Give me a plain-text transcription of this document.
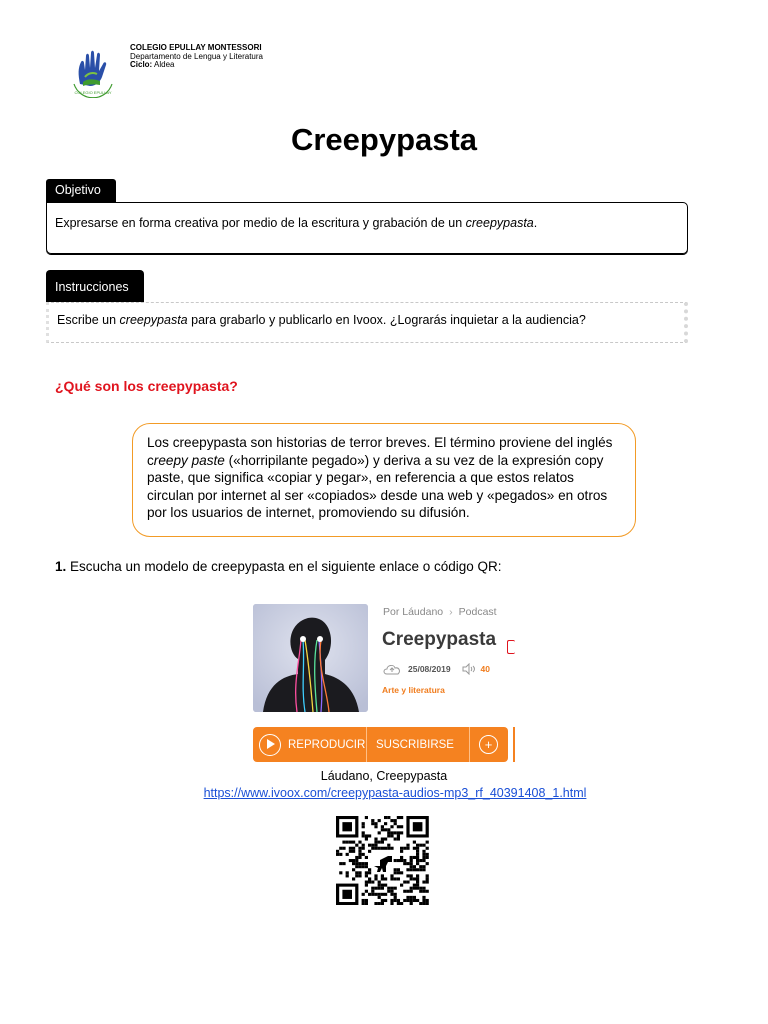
COLEGIO EPULLAY
COLEGIO EPULLAY MONTESSORI
Departamento de Lengua y Literatura
Ciclo: Aldea
Creepypasta
Objetivo
Expresarse en forma creativa por medio de la escritura y grabación de un creepypasta.
Instrucciones
Escribe un creepypasta para grabarlo y publicarlo en Ivoox. ¿Lograrás inquietar a la audiencia?
¿Qué son los creepypasta?
Los creepypasta son historias de terror breves. El término proviene del inglés creepy paste («horripilante pegado») y deriva a su vez de la expresión copy paste, que significa «copiar y pegar», en referencia a que estos relatos circulan por internet al ser «copiados» desde una web y «pegados» en otros por los usuarios de internet, promoviendo su difusión.
1. Escucha un modelo de creepypasta en el siguiente enlace o código QR:
Por Láudano › Podcast
Creepypasta
25/08/2019	40
Arte y literatura
REPRODUCIR SUSCRIBIRSE	+
Láudano, Creepypasta
https://www.ivoox.com/creepypasta-audios-mp3_rf_40391408_1.html
